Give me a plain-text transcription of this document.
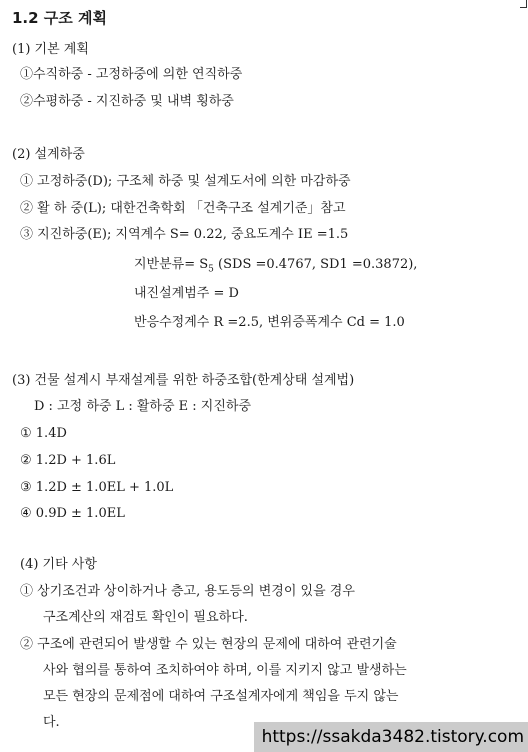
1.2 구조 계획
(1) 기본 계획
①수직하중 - 고정하중에 의한 연직하중
②수평하중 - 지진하중 및 내벽 횡하중
(2) 설계하중
① 고정하중(D); 구조체 하중 및 설계도서에 의한 마감하중
② 활 하 중(L); 대한건축학회 「건축구조 설계기준」참고
③ 지진하중(E); 지역계수 S= 0.22, 중요도계수 IE =1.5
지반분류= $S_5$ (SDS =0.4767, SD1 =0.3872),
내진설계범주 = D
반응수정계수 R =2.5, 변위증폭계수 Cd = 1.0
(3) 건물 설계시 부재설계를 위한 하중조합(한계상태 설계법)
D : 고정 하중 L : 활하중 E : 지진하중
① 1.4D
② 1.2D + 1.6L
③ 1.2D ± 1.0EL + 1.0L
④ 0.9D ± 1.0EL
(4) 기타 사항
① 상기조건과 상이하거나 층고, 용도등의 변경이 있을 경우
구조계산의 재검토 확인이 필요하다.
② 구조에 관련되어 발생할 수 있는 현장의 문제에 대하여 관련기술
사와 협의를 통하여 조치하여야 하며, 이를 지키지 않고 발생하는
모든 현장의 문제점에 대하여 구조설계자에게 책임을 두지 않는
다.
https://ssakda3482.tistory.com
